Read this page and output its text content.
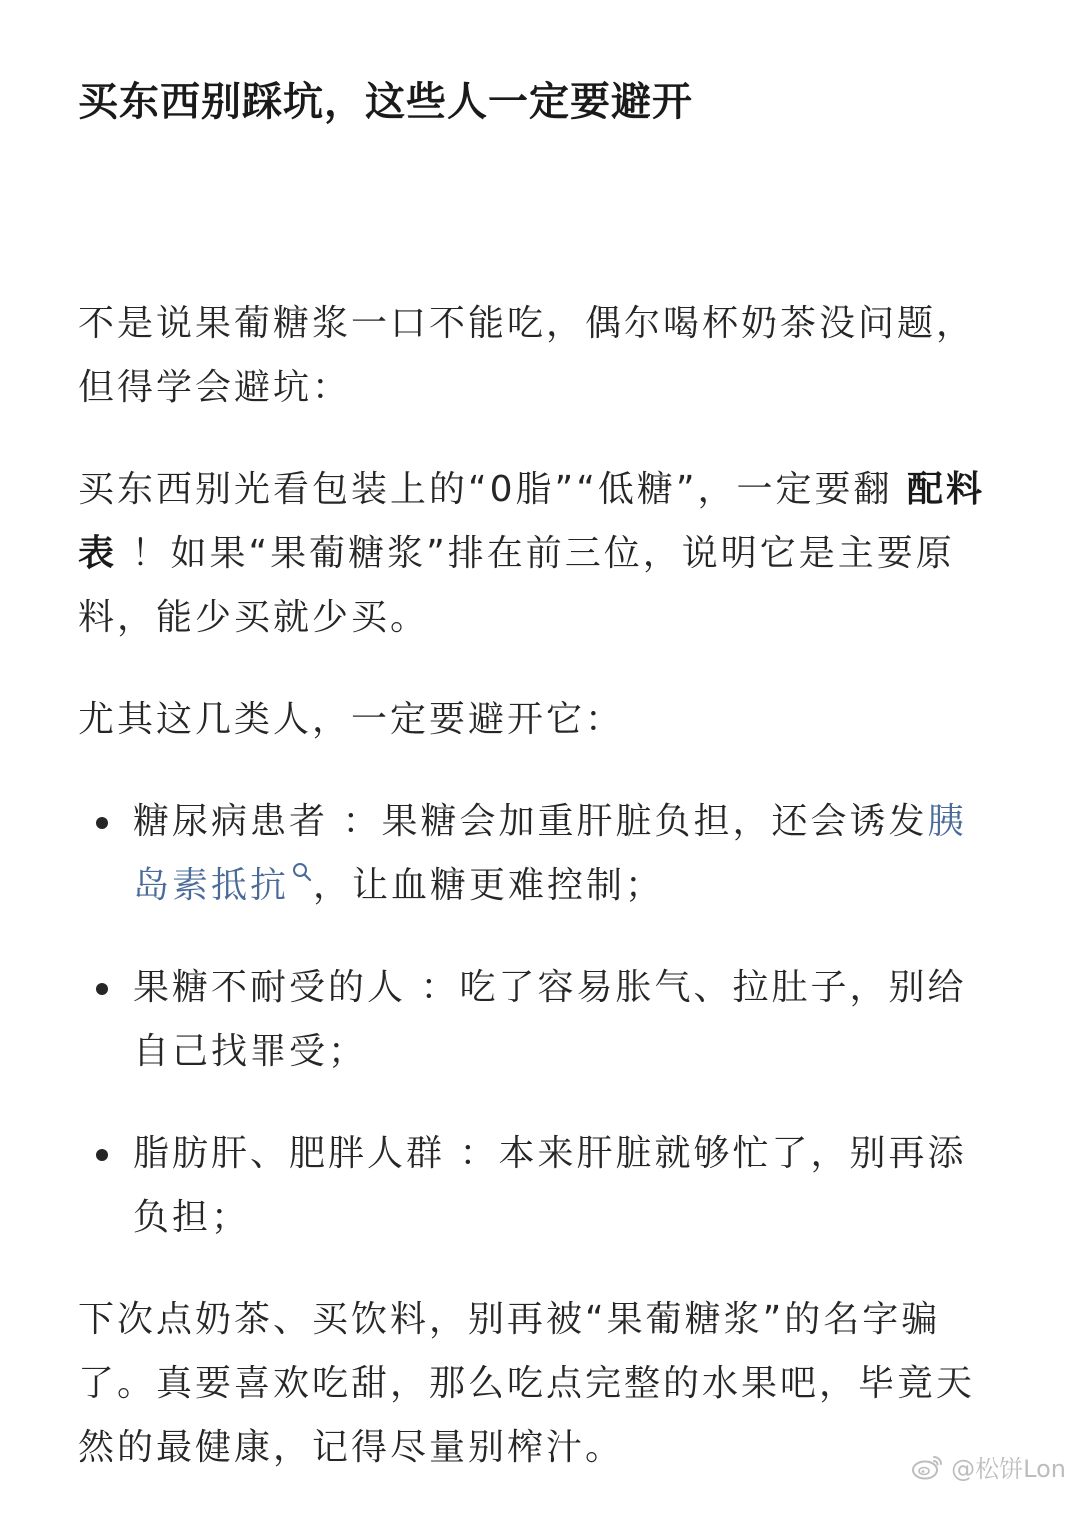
买东西别踩坑，这些人一定要避开

不是说果葡糖浆一口不能吃，偶尔喝杯奶茶没问题，但得学会避坑：

买东西别光看包装上的“0脂”“低糖”，一定要翻 配料表 ！如果“果葡糖浆”排在前三位，说明它是主要原料，能少买就少买。

尤其这几类人，一定要避开它：

糖尿病患者 ：果糖会加重肝脏负担，还会诱发胰岛素抵抗 ，让血糖更难控制；
果糖不耐受的人 ：吃了容易胀气、拉肚子，别给自己找罪受；
脂肪肝、肥胖人群 ：本来肝脏就够忙了，别再添负担；

下次点奶茶、买饮料，别再被“果葡糖浆”的名字骗了。真要喜欢吃甜，那么吃点完整的水果吧，毕竟天然的最健康，记得尽量别榨汁。

@松饼Lon
